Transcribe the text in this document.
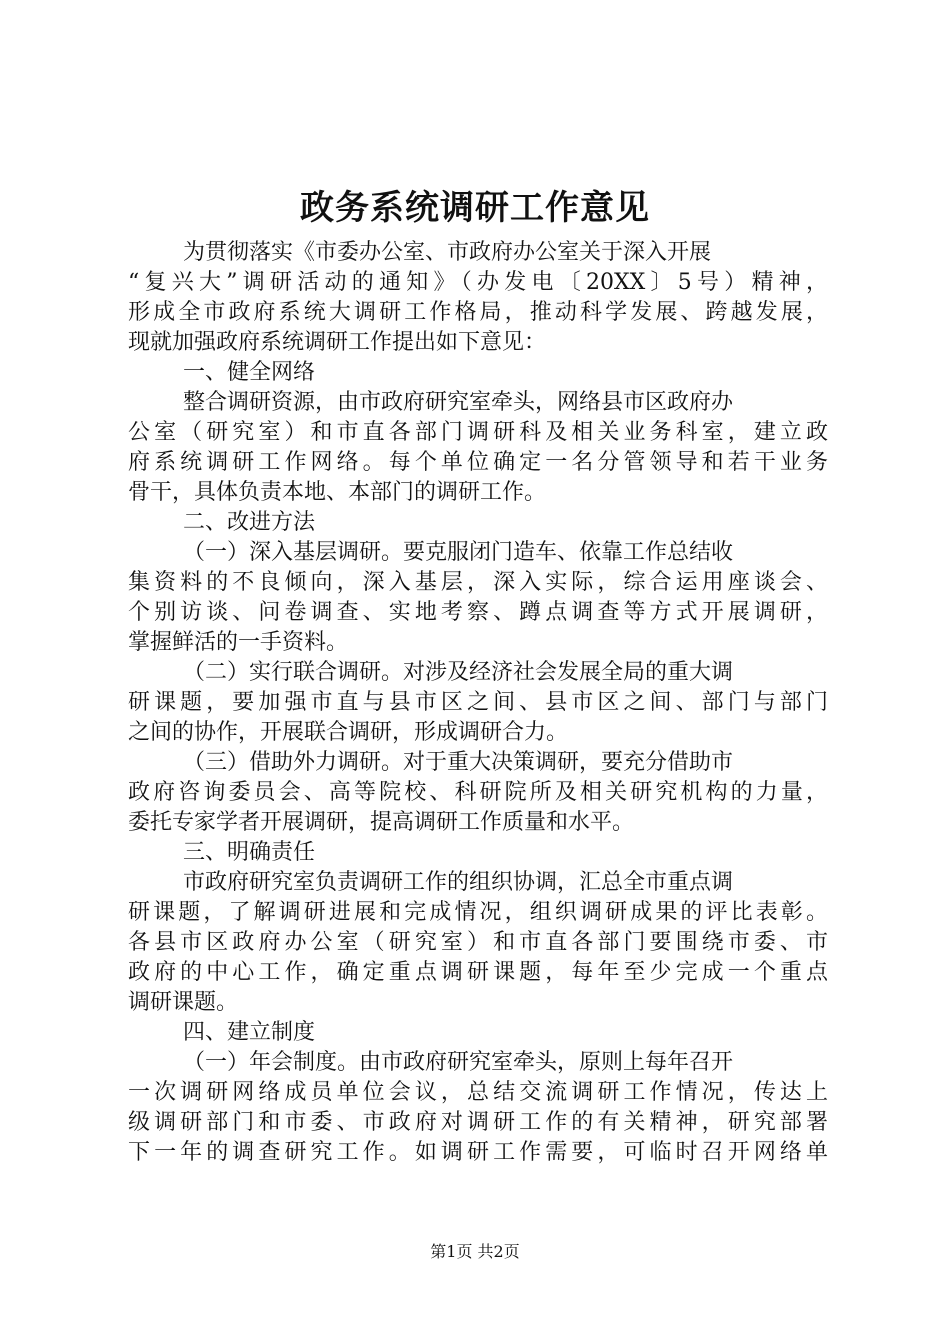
政务系统调研工作意见
为贯彻落实《市委办公室、市政府办公室关于深入开展
“复兴大”调研活动的通知》（办发电〔20XX〕5号）精神，
形成全市政府系统大调研工作格局，推动科学发展、跨越发展，
现就加强政府系统调研工作提出如下意见：
一、健全网络
整合调研资源，由市政府研究室牵头，网络县市区政府办
公室（研究室）和市直各部门调研科及相关业务科室，建立政
府系统调研工作网络。每个单位确定一名分管领导和若干业务
骨干，具体负责本地、本部门的调研工作。
二、改进方法
（一）深入基层调研。要克服闭门造车、依靠工作总结收
集资料的不良倾向，深入基层，深入实际，综合运用座谈会、
个别访谈、问卷调查、实地考察、蹲点调查等方式开展调研，
掌握鲜活的一手资料。
（二）实行联合调研。对涉及经济社会发展全局的重大调
研课题，要加强市直与县市区之间、县市区之间、部门与部门
之间的协作，开展联合调研，形成调研合力。
（三）借助外力调研。对于重大决策调研，要充分借助市
政府咨询委员会、高等院校、科研院所及相关研究机构的力量，
委托专家学者开展调研，提高调研工作质量和水平。
三、明确责任
市政府研究室负责调研工作的组织协调，汇总全市重点调
研课题，了解调研进展和完成情况，组织调研成果的评比表彰。
各县市区政府办公室（研究室）和市直各部门要围绕市委、市
政府的中心工作，确定重点调研课题，每年至少完成一个重点
调研课题。
四、建立制度
（一）年会制度。由市政府研究室牵头，原则上每年召开
一次调研网络成员单位会议，总结交流调研工作情况，传达上
级调研部门和市委、市政府对调研工作的有关精神，研究部署
下一年的调查研究工作。如调研工作需要，可临时召开网络单
第1页 共2页
